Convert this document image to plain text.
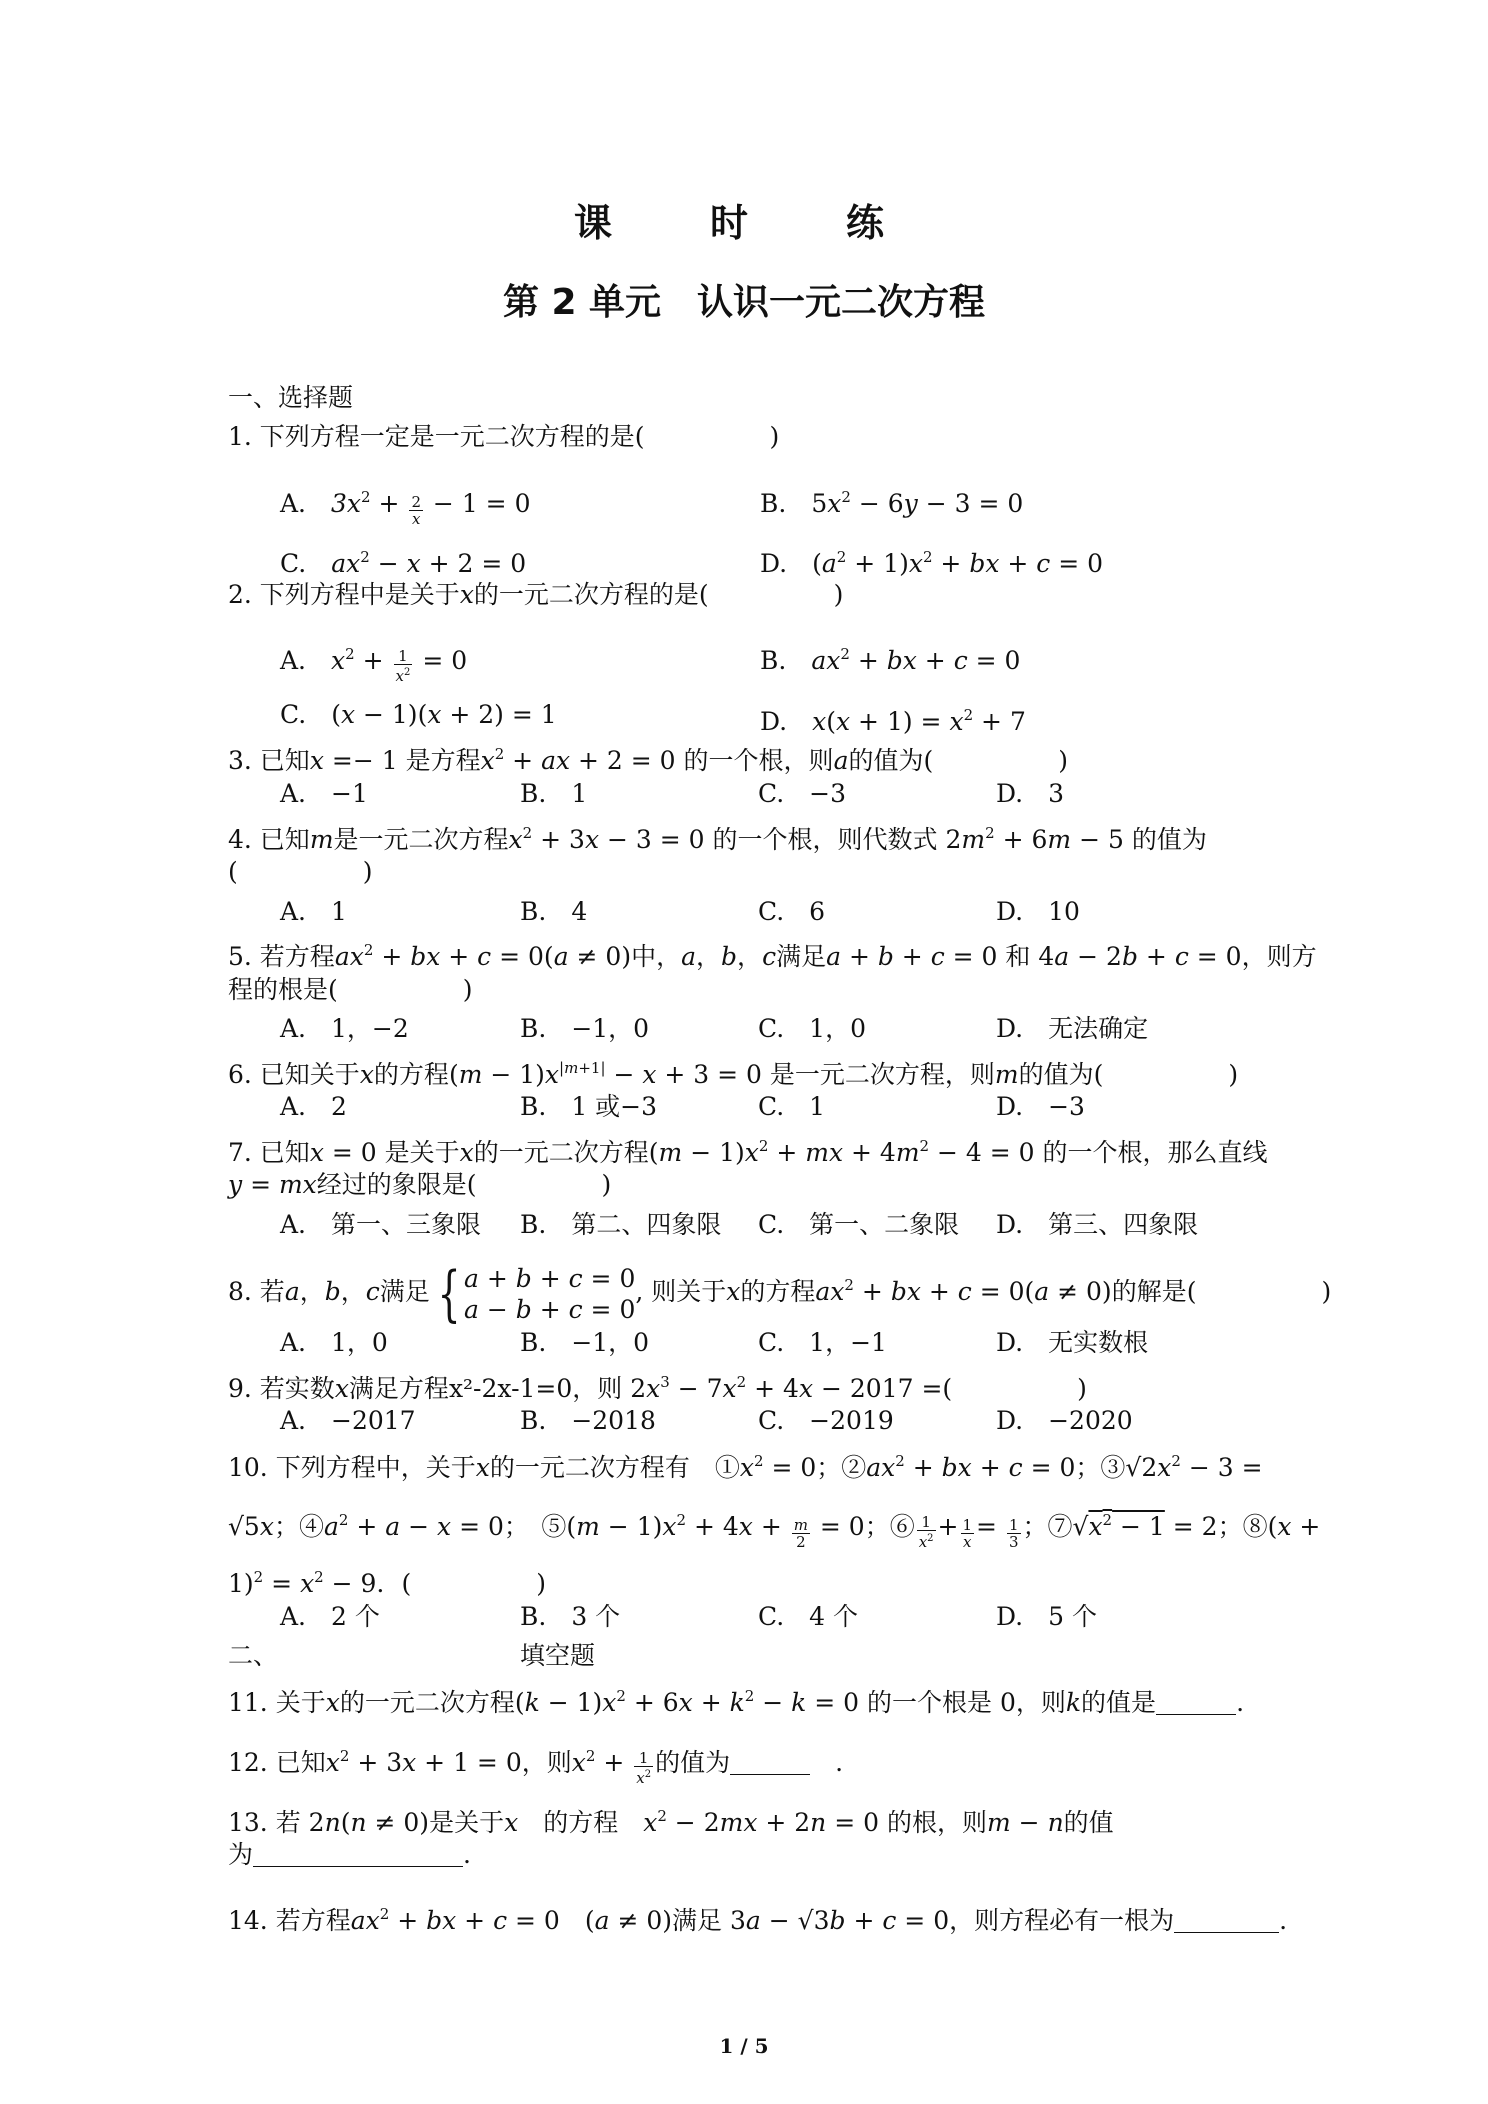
课　时　练
第 2 单元　认识一元二次方程
一、选择题
1. 下列方程一定是一元二次方程的是(　　　　　)
A.　 $3x^2 + \frac{2}{x} - 1 = 0$	B.　$5x^2 - 6y - 3 = 0$
C.　 $ax^2 - x + 2 = 0$	D.　$(a^2 + 1)x^2$ + bx + c = 0
2. 下列方程中是关于x的一元二次方程的是(　　　　　)
A.　 $x^2 + \frac{1}{x^2} = 0$	B.　 $ax^2$ + bx + c = 0
C.　(x − 1)(x + 2) = 1	D.　 $x(x + 1) = x^2 + 7$
3. 已知x =− 1 是方程$x^2$ + ax + 2 = 0 的一个根，则a的值为(　　　　　)
A.　−1	B.　1	C.　−3	D.　3
4. 已知m是一元二次方程$x^2 + 3x - 3 = 0$ 的一个根，则代数式 $2m^2 + 6m - 5$ 的值为
(　　　　　)
A.　1	B.　4	C.　6	D.　10
5. 若方程$ax^2$ + bx + c = 0(a ≠ 0)中，a，b，c满足a + b + c = 0 和 4a − 2b + c = 0，则方
程的根是(　　　　　)
A.　1，−2	B.　−1，0	C.　1，0	D.　无法确定
6. 已知关于x的方程$(m - 1)x^{|m+1|} - x + 3 = 0$ 是一元二次方程，则m的值为(　　　　　)
A.　2	B.　1 或−3	C.　1	D.　−3
7. 已知x = 0 是关于x的一元二次方程$(m - 1)x^2$ + mx + $4m^2 - 4 = 0$ 的一个根，那么直线
y = mx经过的象限是(　　　　　)
A.　第一、三象限 B.　第二、四象限 C.　第一、二象限 D.　第三、四象限
8. 若a，b，c满足 { a + b + c = 0
a − b + c = 0
, 则关于x的方程$ax^2$ + bx + c = 0(a ≠ 0)的解是(　　　　　)
A.　1，0	B.　−1，0	C.　1，−1	D.　无实数根
9. 若实数x满足方程x²-2x-1=0，则 $2x^3 - 7x^2 + 4x - 2017$ =(　　　　　)
A.　−2017	B.　−2018	C.　−2019	D.　−2020
10. 下列方程中，关于x的一元二次方程有　$①x^2 = 0$；$②ax^2$ + bx + c = 0；$③√2x^2 - 3$ =
√5x；$④a^2 + a - x = 0$；　⑤(m − $1)x^2 + 4x + \frac{m}{2} = 0$；⑥ $\frac{1}{x^2} + \frac{1}{x} = \frac{1}{3}$ ；$⑦√x^2 - 1 = 2$；⑧(x +
$1)^2 = x^2 - 9$．(　　　　　)
A.　2 个	B.　3 个	C.　4 个	D.　5 个
二、	填空题
11. 关于x的一元二次方程$(k - 1)x^2 + 6x + k^2 - k = 0$ 的一个根是 0，则k的值是	.
12. 已知$x^2 + 3x + 1 = 0$，则$x^2 + \frac{1}{x^2}$ 的值为	　.
13. 若 2n(n ≠ 0)是关于x　的方程　$x^2 - 2mx + 2n = 0$ 的根，则m − n的值
为	.
14. 若方程$ax^2$ + bx + c = 0　(a ≠ 0)满足 3a − √3b + c = 0，则方程必有一根为	.
1 / 5
